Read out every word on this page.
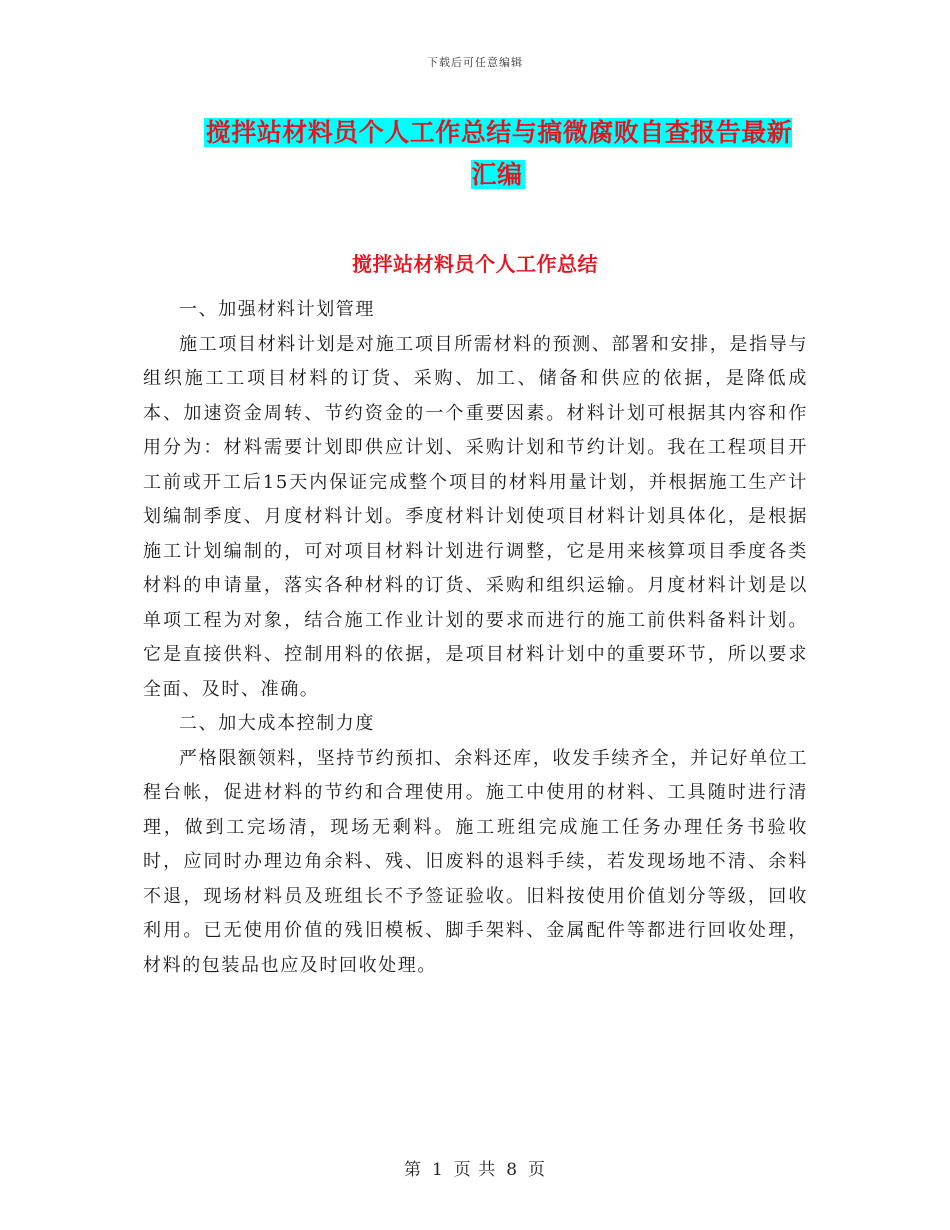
下载后可任意编辑
搅拌站材料员个人工作总结与搞微腐败自查报告最新汇编
搅拌站材料员个人工作总结

一、加强材料计划管理

施工项目材料计划是对施工项目所需材料的预测、部署和安排，是指导与组织施工工项目材料的订货、采购、加工、储备和供应的依据，是降低成本、加速资金周转、节约资金的一个重要因素。材料计划可根据其内容和作用分为：材料需要计划即供应计划、采购计划和节约计划。我在工程项目开工前或开工后15天内保证完成整个项目的材料用量计划，并根据施工生产计划编制季度、月度材料计划。季度材料计划使项目材料计划具体化，是根据施工计划编制的，可对项目材料计划进行调整，它是用来核算项目季度各类材料的申请量，落实各种材料的订货、采购和组织运输。月度材料计划是以单项工程为对象，结合施工作业计划的要求而进行的施工前供料备料计划。它是直接供料、控制用料的依据，是项目材料计划中的重要环节，所以要求全面、及时、准确。

二、加大成本控制力度

严格限额领料，坚持节约预扣、余料还库，收发手续齐全，并记好单位工程台帐，促进材料的节约和合理使用。施工中使用的材料、工具随时进行清理，做到工完场清，现场无剩料。施工班组完成施工任务办理任务书验收时，应同时办理边角余料、残、旧废料的退料手续，若发现场地不清、余料不退，现场材料员及班组长不予签证验收。旧料按使用价值划分等级，回收利用。已无使用价值的残旧模板、脚手架料、金属配件等都进行回收处理，材料的包装品也应及时回收处理。

第 1 页 共 8 页
